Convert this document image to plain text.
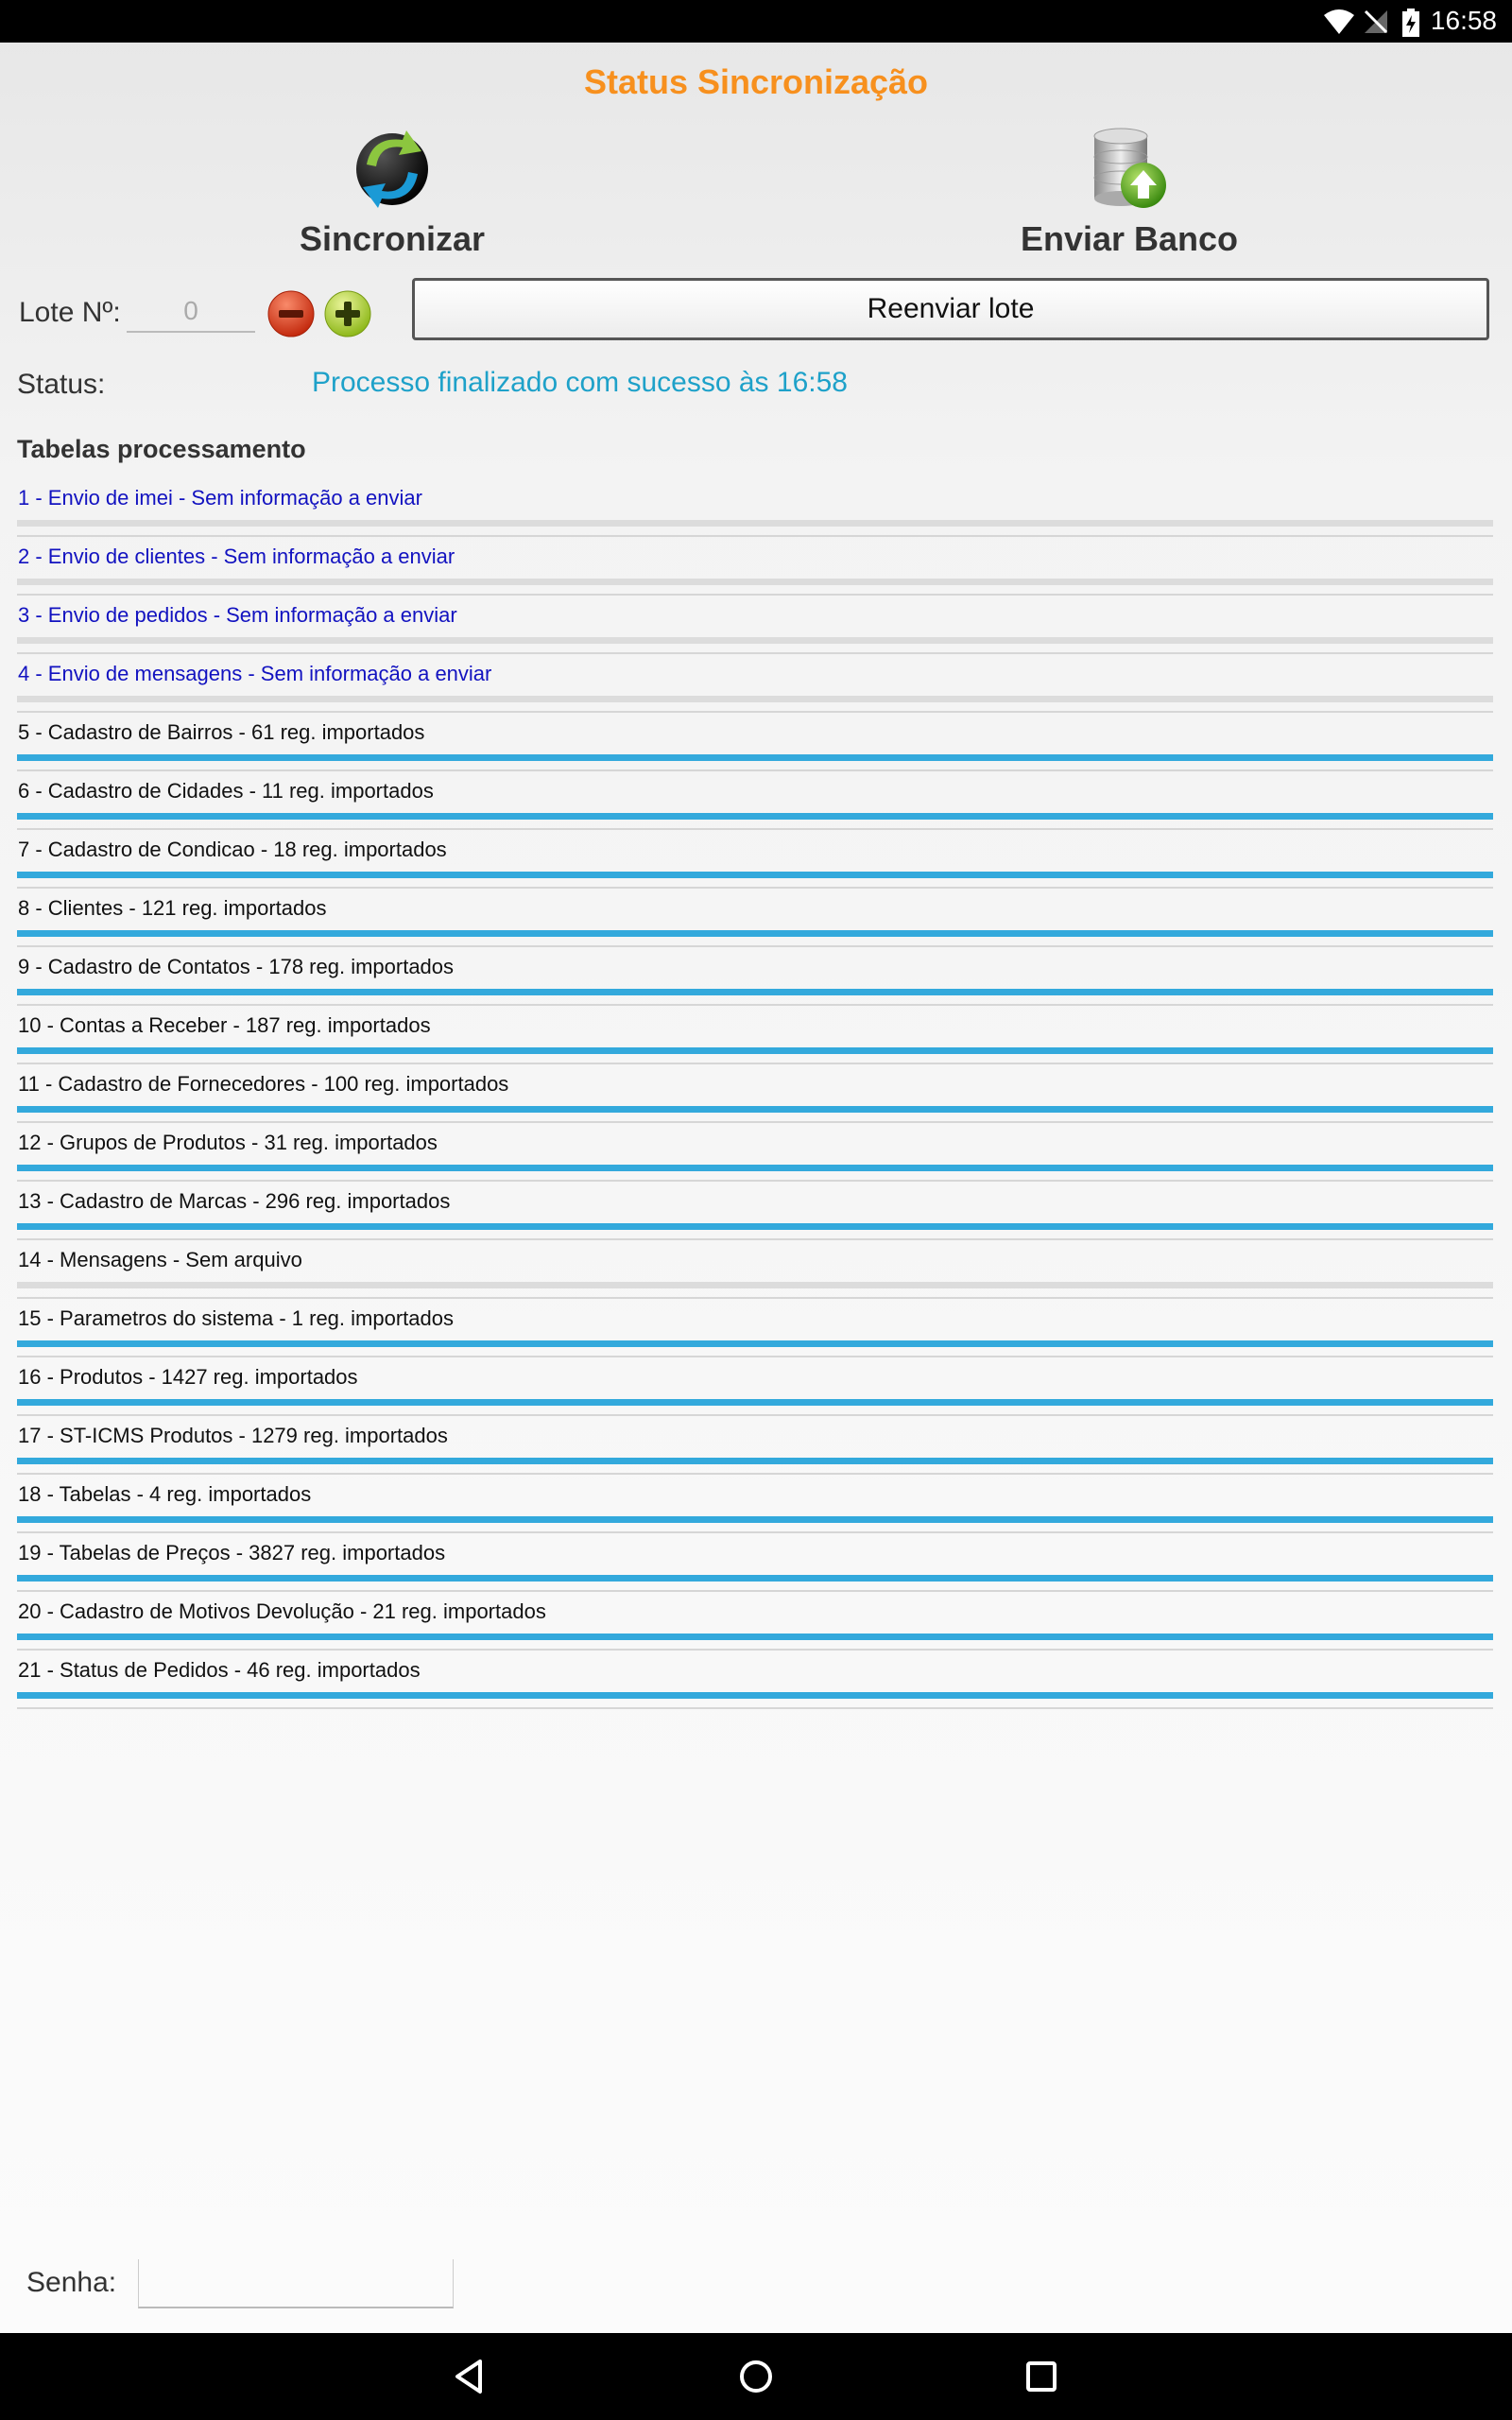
16:58
Status Sincronização
Sincronizar	Enviar Banco
Lote Nº:
0	Reenviar lote
Status:	Processo finalizado com sucesso às 16:58
Tabelas processamento
1 - Envio de imei - Sem informação a enviar
2 - Envio de clientes - Sem informação a enviar
3 - Envio de pedidos - Sem informação a enviar
4 - Envio de mensagens - Sem informação a enviar
5 - Cadastro de Bairros - 61 reg. importados
6 - Cadastro de Cidades - 11 reg. importados
7 - Cadastro de Condicao - 18 reg. importados
8 - Clientes - 121 reg. importados
9 - Cadastro de Contatos - 178 reg. importados
10 - Contas a Receber - 187 reg. importados
11 - Cadastro de Fornecedores - 100 reg. importados
12 - Grupos de Produtos - 31 reg. importados
13 - Cadastro de Marcas - 296 reg. importados
14 - Mensagens - Sem arquivo
15 - Parametros do sistema - 1 reg. importados
16 - Produtos - 1427 reg. importados
17 - ST-ICMS Produtos - 1279 reg. importados
18 - Tabelas - 4 reg. importados
19 - Tabelas de Preços - 3827 reg. importados
20 - Cadastro de Motivos Devolução - 21 reg. importados
21 - Status de Pedidos - 46 reg. importados
Senha:
